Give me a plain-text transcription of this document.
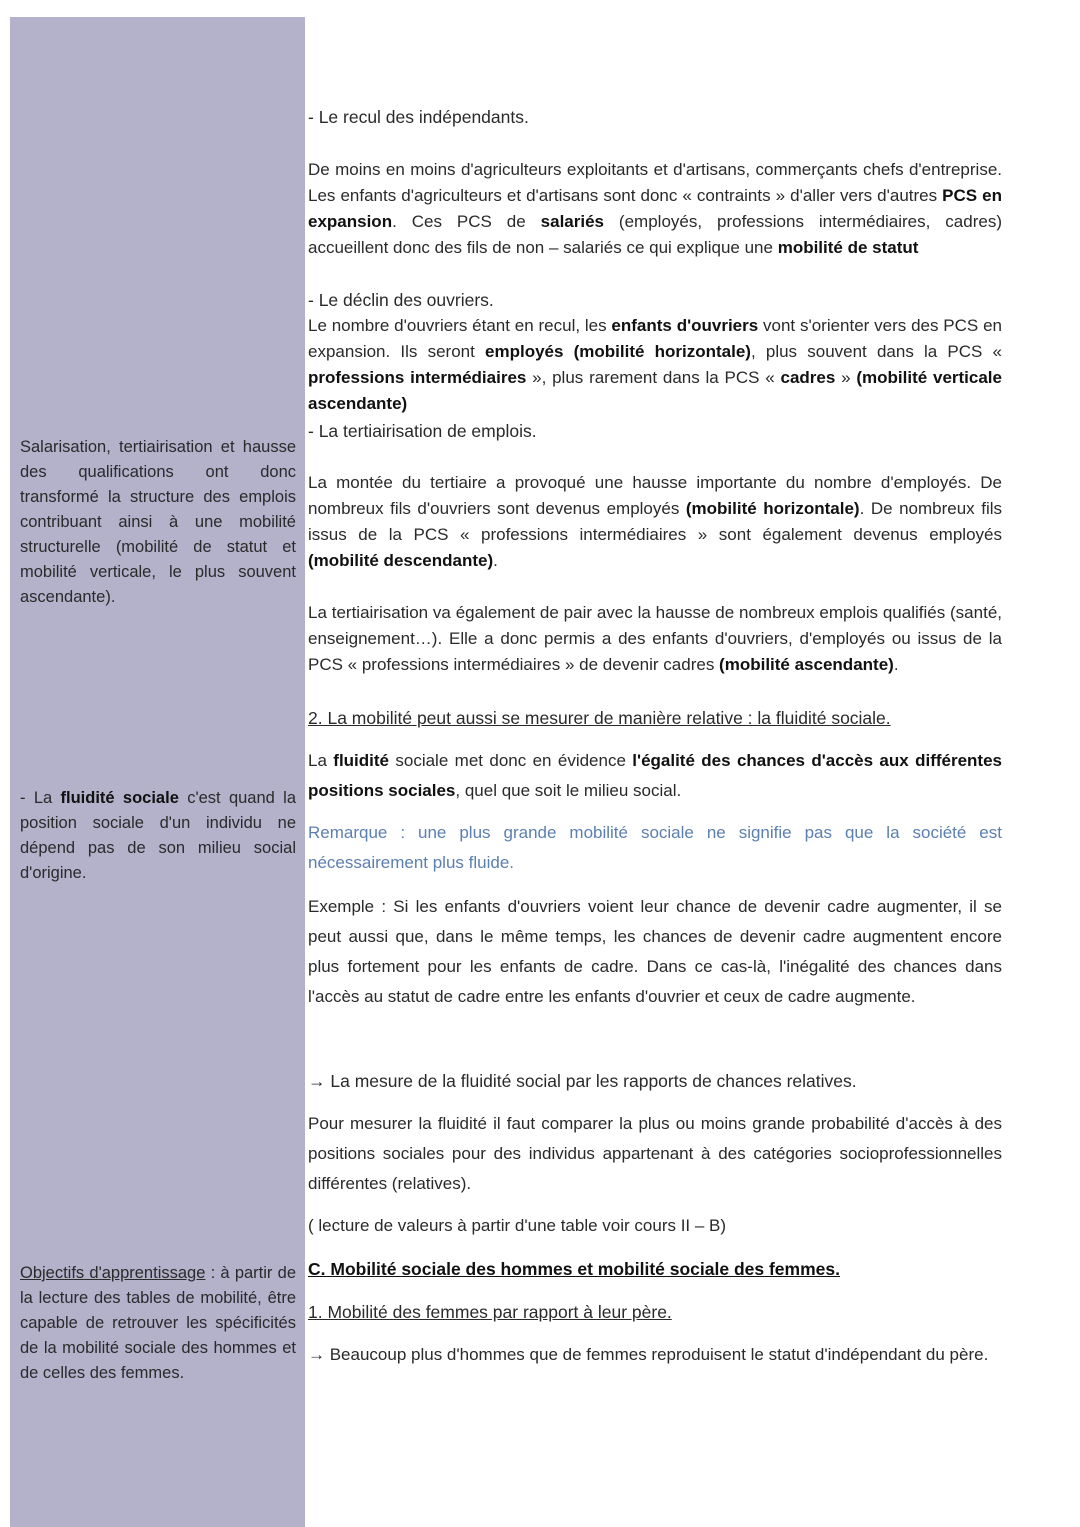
Salarisation, tertiairisation et hausse des qualifications ont donc transformé la structure des emplois contribuant ainsi à une mobilité structurelle (mobilité de statut et mobilité verticale, le plus souvent ascendante).
- La fluidité sociale c'est quand la position sociale d'un individu ne dépend pas de son milieu social d'origine.
Objectifs d'apprentissage : à partir de la lecture des tables de mobilité, être capable de retrouver les spécificités de la mobilité sociale des hommes et de celles des femmes.
- Le recul des indépendants.
De moins en moins d'agriculteurs exploitants et d'artisans, commerçants chefs d'entreprise. Les enfants d'agriculteurs et d'artisans sont donc « contraints » d'aller vers d'autres PCS en expansion. Ces PCS de salariés (employés, professions intermédiaires, cadres) accueillent donc des fils de non – salariés ce qui explique une mobilité de statut
- Le déclin des ouvriers.
Le nombre d'ouvriers étant en recul, les enfants d'ouvriers vont s'orienter vers des PCS en expansion. Ils seront employés (mobilité horizontale), plus souvent dans la PCS « professions intermédiaires », plus rarement dans la PCS « cadres » (mobilité verticale ascendante)
- La tertiairisation de emplois.
La montée du tertiaire a provoqué une hausse importante du nombre d'employés. De nombreux fils d'ouvriers sont devenus employés (mobilité horizontale). De nombreux fils issus de la PCS « professions intermédiaires » sont également devenus employés (mobilité descendante).
La tertiairisation va également de pair avec la hausse de nombreux emplois qualifiés (santé, enseignement…). Elle a donc permis a des enfants d'ouvriers, d'employés ou issus de la PCS « professions intermédiaires » de devenir cadres (mobilité ascendante).
2. La mobilité peut aussi se mesurer de manière relative : la fluidité sociale.
La fluidité sociale met donc en évidence l'égalité des chances d'accès aux différentes positions sociales, quel que soit le milieu social.
Remarque : une plus grande mobilité sociale ne signifie pas que la société est nécessairement plus fluide.
Exemple : Si les enfants d'ouvriers voient leur chance de devenir cadre augmenter, il se peut aussi que, dans le même temps, les chances de devenir cadre augmentent encore plus fortement pour les enfants de cadre. Dans ce cas-là, l'inégalité des chances dans l'accès au statut de cadre entre les enfants d'ouvrier et ceux de cadre augmente.
→ La mesure de la fluidité social par les rapports de chances relatives.
Pour mesurer la fluidité il faut comparer la plus ou moins grande probabilité d'accès à des positions sociales pour des individus appartenant à des catégories socioprofessionnelles différentes (relatives).
( lecture de valeurs à partir d'une table voir cours II – B)
C. Mobilité sociale des hommes et mobilité sociale des femmes.
1. Mobilité des femmes par rapport à leur père.
→ Beaucoup plus d'hommes que de femmes reproduisent le statut d'indépendant du père.
